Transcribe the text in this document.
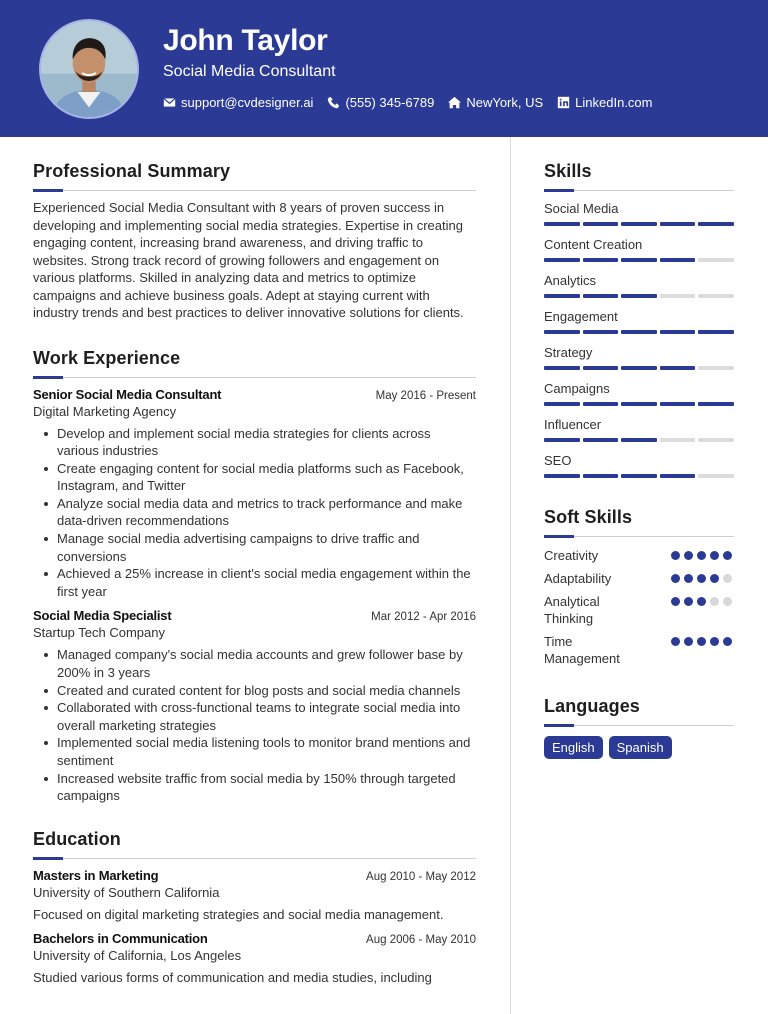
John Taylor
Social Media Consultant
support@cvdesigner.ai (555) 345-6789 NewYork, US LinkedIn.com
Professional Summary

Experienced Social Media Consultant with 8 years of proven success in developing and implementing social media strategies. Expertise in creating engaging content, increasing brand awareness, and driving traffic to websites. Strong track record of growing followers and engagement on various platforms. Skilled in analyzing data and metrics to optimize campaigns and achieve business goals. Adept at staying current with industry trends and best practices to deliver innovative solutions for clients.

Work Experience
Senior Social Media Consultant	May 2016 - Present
Digital Marketing Agency
Develop and implement social media strategies for clients across various industries
Create engaging content for social media platforms such as Facebook, Instagram, and Twitter
Analyze social media data and metrics to track performance and make data-driven recommendations
Manage social media advertising campaigns to drive traffic and conversions
Achieved a 25% increase in client's social media engagement within the first year
Social Media Specialist	Mar 2012 - Apr 2016
Startup Tech Company
Managed company's social media accounts and grew follower base by 200% in 3 years
Created and curated content for blog posts and social media channels
Collaborated with cross-functional teams to integrate social media into overall marketing strategies
Implemented social media listening tools to monitor brand mentions and sentiment
Increased website traffic from social media by 150% through targeted campaigns
Education
Masters in Marketing	Aug 2010 - May 2012
University of Southern California
Focused on digital marketing strategies and social media management.
Bachelors in Communication	Aug 2006 - May 2010
University of California, Los Angeles
Studied various forms of communication and media studies, including
Skills
Social Media
Content Creation
Analytics
Engagement
Strategy
Campaigns
Influencer
SEO
Soft Skills
Creativity
Adaptability
Analytical Thinking
Time Management
Languages
English	Spanish
